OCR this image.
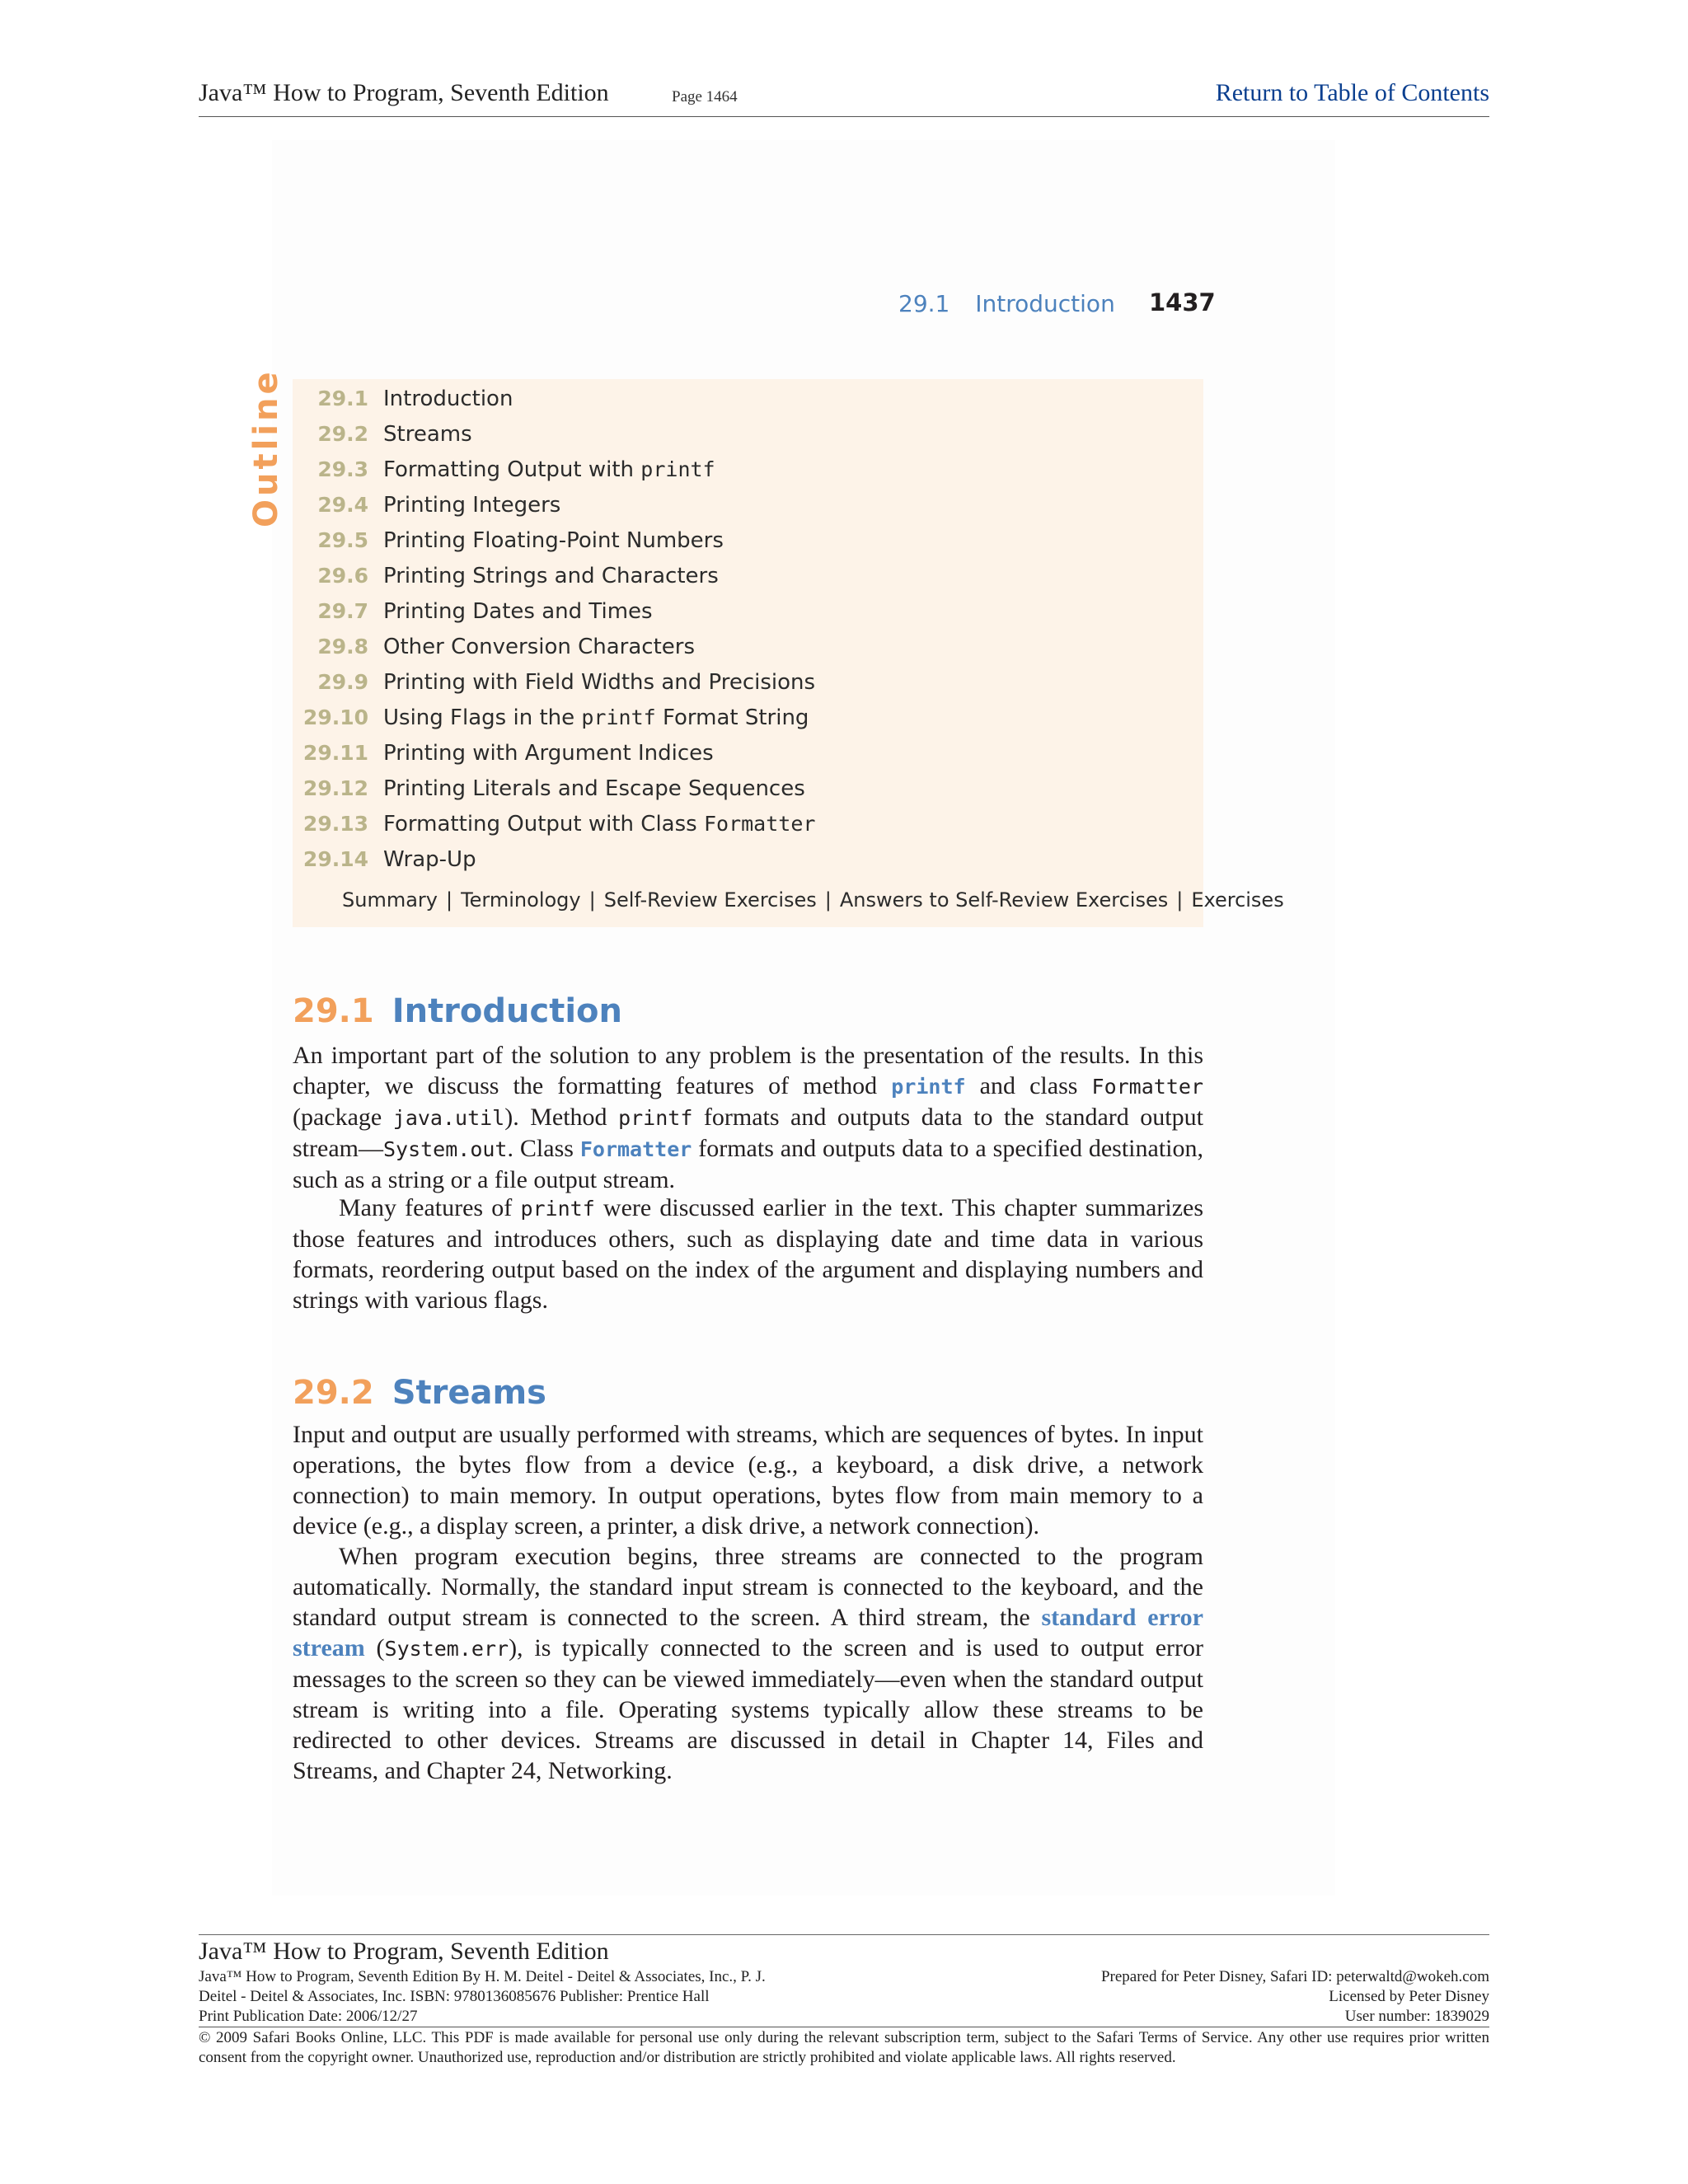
Java™ How to Program, Seventh Edition	Page 1464	Return to Table of Contents
29.1 Introduction 1437
Outline	29.1 Introduction
29.2 Streams
29.3 Formatting Output with printf
29.4 Printing Integers
29.5 Printing Floating-Point Numbers
29.6 Printing Strings and Characters
29.7 Printing Dates and Times
29.8 Other Conversion Characters
29.9 Printing with Field Widths and Precisions
29.10 Using Flags in the printf Format String
29.11 Printing with Argument Indices
29.12 Printing Literals and Escape Sequences
29.13 Formatting Output with Class Formatter
29.14 Wrap-Up
Summary | Terminology | Self-Review Exercises | Answers to Self-Review Exercises | Exercises
29.1 Introduction

An important part of the solution to any problem is the presentation of the results. In this chapter, we discuss the formatting features of method printf and class Formatter (package java.util). Method printf formats and outputs data to the standard output stream—System.out. Class Formatter formats and outputs data to a specified destination, such as a string or a file output stream.

Many features of printf were discussed earlier in the text. This chapter summarizes those features and introduces others, such as displaying date and time data in various formats, reordering output based on the index of the argument and displaying numbers and strings with various flags.

29.2 Streams

Input and output are usually performed with streams, which are sequences of bytes. In input operations, the bytes flow from a device (e.g., a keyboard, a disk drive, a network connection) to main memory. In output operations, bytes flow from main memory to a device (e.g., a display screen, a printer, a disk drive, a network connection).

When program execution begins, three streams are connected to the program automatically. Normally, the standard input stream is connected to the keyboard, and the standard output stream is connected to the screen. A third stream, the standard error stream (System.err), is typically connected to the screen and is used to output error messages to the screen so they can be viewed immediately—even when the standard output stream is writing into a file. Operating systems typically allow these streams to be redirected to other devices. Streams are discussed in detail in Chapter 14, Files and Streams, and Chapter 24, Networking.

Java™ How to Program, Seventh Edition
Java™ How to Program, Seventh Edition By H. M. Deitel - Deitel & Associates, Inc., P. J.
Deitel - Deitel & Associates, Inc. ISBN: 9780136085676 Publisher: Prentice Hall
Print Publication Date: 2006/12/27
Prepared for Peter Disney, Safari ID: peterwaltd@wokeh.com
Licensed by Peter Disney
User number: 1839029
© 2009 Safari Books Online, LLC. This PDF is made available for personal use only during the relevant subscription term, subject to the Safari Terms of Service. Any other use requires prior written consent from the copyright owner. Unauthorized use, reproduction and/or distribution are strictly prohibited and violate applicable laws. All rights reserved.
